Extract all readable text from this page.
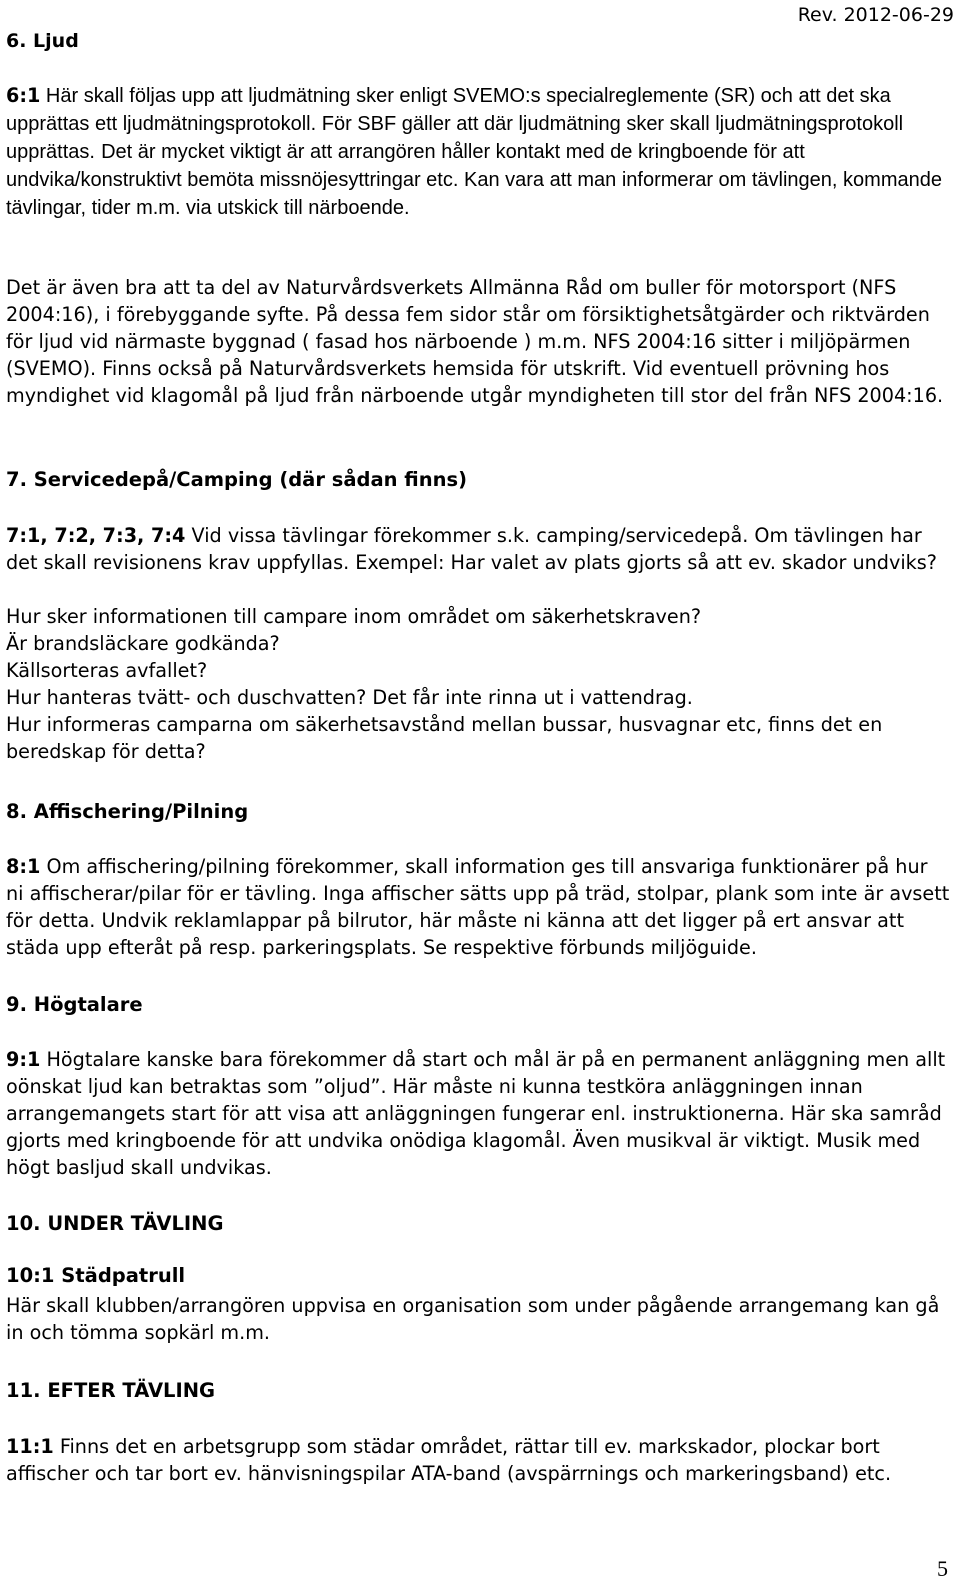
Rev. 2012-06-29
6. Ljud
6:1 Här skall följas upp att ljudmätning sker enligt SVEMO:s specialreglemente (SR) och att det ska upprättas ett ljudmätningsprotokoll. För SBF gäller att där ljudmätning sker skall ljudmätningsprotokoll upprättas. Det är mycket viktigt är att arrangören håller kontakt med de kringboende för att undvika/konstruktivt bemöta missnöjesyttringar etc. Kan vara att man informerar om tävlingen, kommande tävlingar, tider m.m. via utskick till närboende.
Det är även bra att ta del av Naturvårdsverkets Allmänna Råd om buller för motorsport (NFS 2004:16), i förebyggande syfte. På dessa fem sidor står om försiktighetsåtgärder och riktvärden för ljud vid närmaste byggnad ( fasad hos närboende ) m.m. NFS 2004:16 sitter i miljöpärmen (SVEMO). Finns också på Naturvårdsverkets hemsida för utskrift. Vid eventuell prövning hos myndighet vid klagomål på ljud från närboende utgår myndigheten till stor del från NFS 2004:16.
7. Servicedepå/Camping (där sådan finns)
7:1, 7:2, 7:3, 7:4 Vid vissa tävlingar förekommer s.k. camping/servicedepå. Om tävlingen har det skall revisionens krav uppfyllas. Exempel: Har valet av plats gjorts så att ev. skador undviks?

Hur sker informationen till campare inom området om säkerhetskraven?

Är brandsläckare godkända?

Källsorteras avfallet?

Hur hanteras tvätt- och duschvatten? Det får inte rinna ut i vattendrag.

Hur informeras camparna om säkerhetsavstånd mellan bussar, husvagnar etc, finns det en beredskap för detta?

8. Affischering/Pilning
8:1 Om affischering/pilning förekommer, skall information ges till ansvariga funktionärer på hur ni affischerar/pilar för er tävling. Inga affischer sätts upp på träd, stolpar, plank som inte är avsett för detta. Undvik reklamlappar på bilrutor, här måste ni känna att det ligger på ert ansvar att städa upp efteråt på resp. parkeringsplats. Se respektive förbunds miljöguide.
9. Högtalare
9:1 Högtalare kanske bara förekommer då start och mål är på en permanent anläggning men allt oönskat ljud kan betraktas som ”oljud”. Här måste ni kunna testköra anläggningen innan arrangemangets start för att visa att anläggningen fungerar enl. instruktionerna. Här ska samråd gjorts med kringboende för att undvika onödiga klagomål. Även musikval är viktigt. Musik med högt basljud skall undvikas.
10. UNDER TÄVLING
10:1 Städpatrull
Här skall klubben/arrangören uppvisa en organisation som under pågående arrangemang kan gå in och tömma sopkärl m.m.
11. EFTER TÄVLING
11:1 Finns det en arbetsgrupp som städar området, rättar till ev. markskador, plockar bort affischer och tar bort ev. hänvisningspilar ATA-band (avspärrnings och markeringsband) etc.
5
